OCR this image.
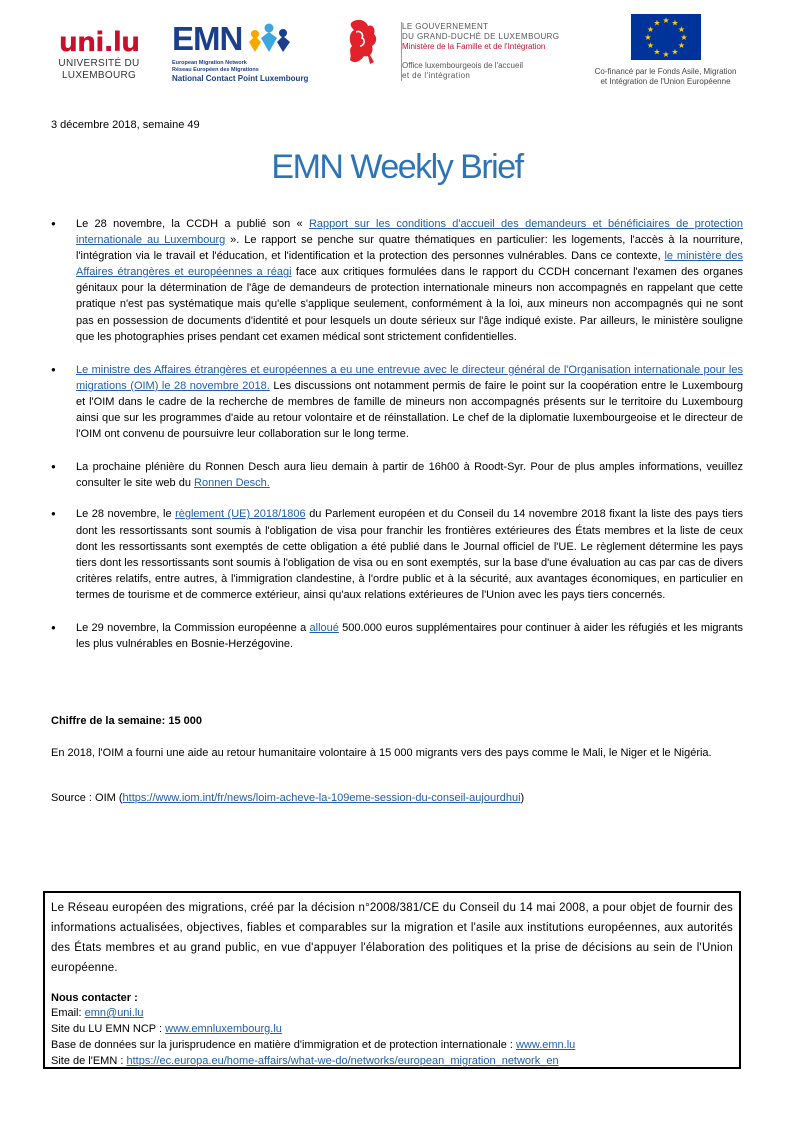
uni.lu
UNIVERSITÉ DU
LUXEMBOURG
EMN
European Migration Network
Réseau Européen des Migrations
National Contact Point Luxembourg
LE GOUVERNEMENT
DU GRAND-DUCHÉ DE LUXEMBOURG
Ministère de la Famille et de l'Intégration
Office luxembourgeois de l'accueil
et de l'intégration
★ ★
★
★
★
★
★
★
★
★
★
★
Co-financé par le Fonds Asile, Migration
et Intégration de l'Union Européenne
3 décembre 2018, semaine 49
EMN Weekly Brief
● Le 28 novembre, la CCDH a publié son « Rapport sur les conditions d'accueil des demandeurs et bénéficiaires de protection internationale au Luxembourg ». Le rapport se penche sur quatre thématiques en particulier: les logements, l'accès à la nourriture, l'intégration via le travail et l'éducation, et l'identification et la protection des personnes vulnérables. Dans ce contexte, le ministère des Affaires étrangères et européennes a réagi face aux critiques formulées dans le rapport du CCDH concernant l'examen des organes génitaux pour la détermination de l'âge de demandeurs de protection internationale mineurs non accompagnés en rappelant que cette pratique n'est pas systématique mais qu'elle s'applique seulement, conformément à la loi, aux mineurs non accompagnés qui ne sont pas en possession de documents d'identité et pour lesquels un doute sérieux sur l'âge indiqué existe. Par ailleurs, le ministère souligne que les photographies prises pendant cet examen médical sont strictement confidentielles.
● Le ministre des Affaires étrangères et européennes a eu une entrevue avec le directeur général de l'Organisation internationale pour les migrations (OIM) le 28 novembre 2018. Les discussions ont notamment permis de faire le point sur la coopération entre le Luxembourg et l'OIM dans le cadre de la recherche de membres de famille de mineurs non accompagnés présents sur le territoire du Luxembourg ainsi que sur les programmes d'aide au retour volontaire et de réinstallation. Le chef de la diplomatie luxembourgeoise et le directeur de l'OIM ont convenu de poursuivre leur collaboration sur le long terme.
● La prochaine plénière du Ronnen Desch aura lieu demain à partir de 16h00 à Roodt-Syr. Pour de plus amples informations, veuillez consulter le site web du Ronnen Desch.
● Le 28 novembre, le règlement (UE) 2018/1806 du Parlement européen et du Conseil du 14 novembre 2018 fixant la liste des pays tiers dont les ressortissants sont soumis à l'obligation de visa pour franchir les frontières extérieures des États membres et la liste de ceux dont les ressortissants sont exemptés de cette obligation a été publié dans le Journal officiel de l'UE. Le règlement détermine les pays tiers dont les ressortissants sont soumis à l'obligation de visa ou en sont exemptés, sur la base d'une évaluation au cas par cas de divers critères relatifs, entre autres, à l'immigration clandestine, à l'ordre public et à la sécurité, aux avantages économiques, en particulier en termes de tourisme et de commerce extérieur, ainsi qu'aux relations extérieures de l'Union avec les pays tiers concernés.
● Le 29 novembre, la Commission européenne a alloué 500.000 euros supplémentaires pour continuer à aider les réfugiés et les migrants les plus vulnérables en Bosnie-Herzégovine.
Chiffre de la semaine: 15 000
En 2018, l'OIM a fourni une aide au retour humanitaire volontaire à 15 000 migrants vers des pays comme le Mali, le Niger et le Nigéria.
Source : OIM (https://www.iom.int/fr/news/loim-acheve-la-109eme-session-du-conseil-aujourdhui)
Le Réseau européen des migrations, créé par la décision n°2008/381/CE du Conseil du 14 mai 2008, a pour objet de fournir des informations actualisées, objectives, fiables et comparables sur la migration et l'asile aux institutions européennes, aux autorités des États membres et au grand public, en vue d'appuyer l'élaboration des politiques et la prise de décisions au sein de l'Union européenne.
Nous contacter :
Email: emn@uni.lu
Site du LU EMN NCP : www.emnluxembourg.lu
Base de données sur la jurisprudence en matière d'immigration et de protection internationale : www.emn.lu
Site de l'EMN : https://ec.europa.eu/home-affairs/what-we-do/networks/european_migration_network_en
